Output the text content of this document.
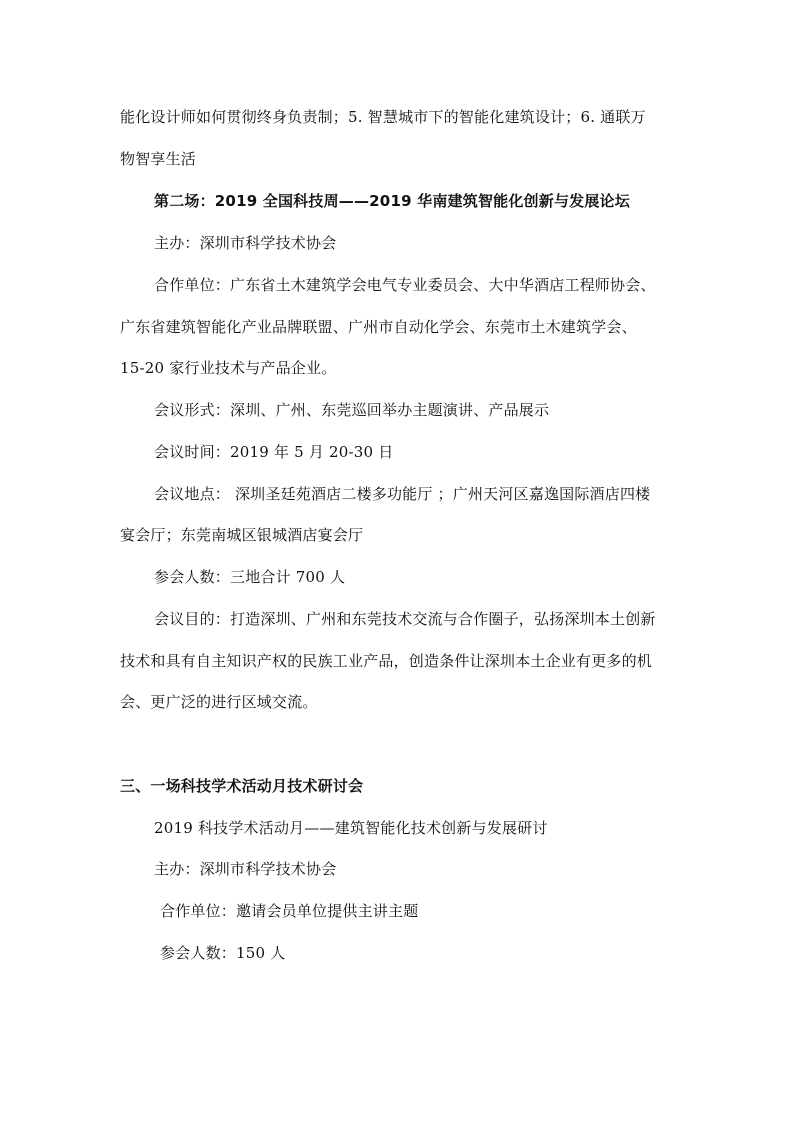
能化设计师如何贯彻终身负责制；5. 智慧城市下的智能化建筑设计；6. 通联万
物智享生活
第二场：2019 全国科技周——2019 华南建筑智能化创新与发展论坛
主办：深圳市科学技术协会
合作单位：广东省土木建筑学会电气专业委员会、大中华酒店工程师协会、
广东省建筑智能化产业品牌联盟、广州市自动化学会、东莞市土木建筑学会、
15-20 家行业技术与产品企业。
会议形式：深圳、广州、东莞巡回举办主题演讲、产品展示
会议时间：2019 年 5 月 20-30 日
会议地点： 深圳圣廷苑酒店二楼多功能厅 ；广州天河区嘉逸国际酒店四楼
宴会厅；东莞南城区银城酒店宴会厅
参会人数：三地合计 700 人
会议目的：打造深圳、广州和东莞技术交流与合作圈子，弘扬深圳本土创新
技术和具有自主知识产权的民族工业产品，创造条件让深圳本土企业有更多的机
会、更广泛的进行区域交流。
三、一场科技学术活动月技术研讨会
2019 科技学术活动月——建筑智能化技术创新与发展研讨
主办：深圳市科学技术协会
合作单位：邀请会员单位提供主讲主题
参会人数：150 人
